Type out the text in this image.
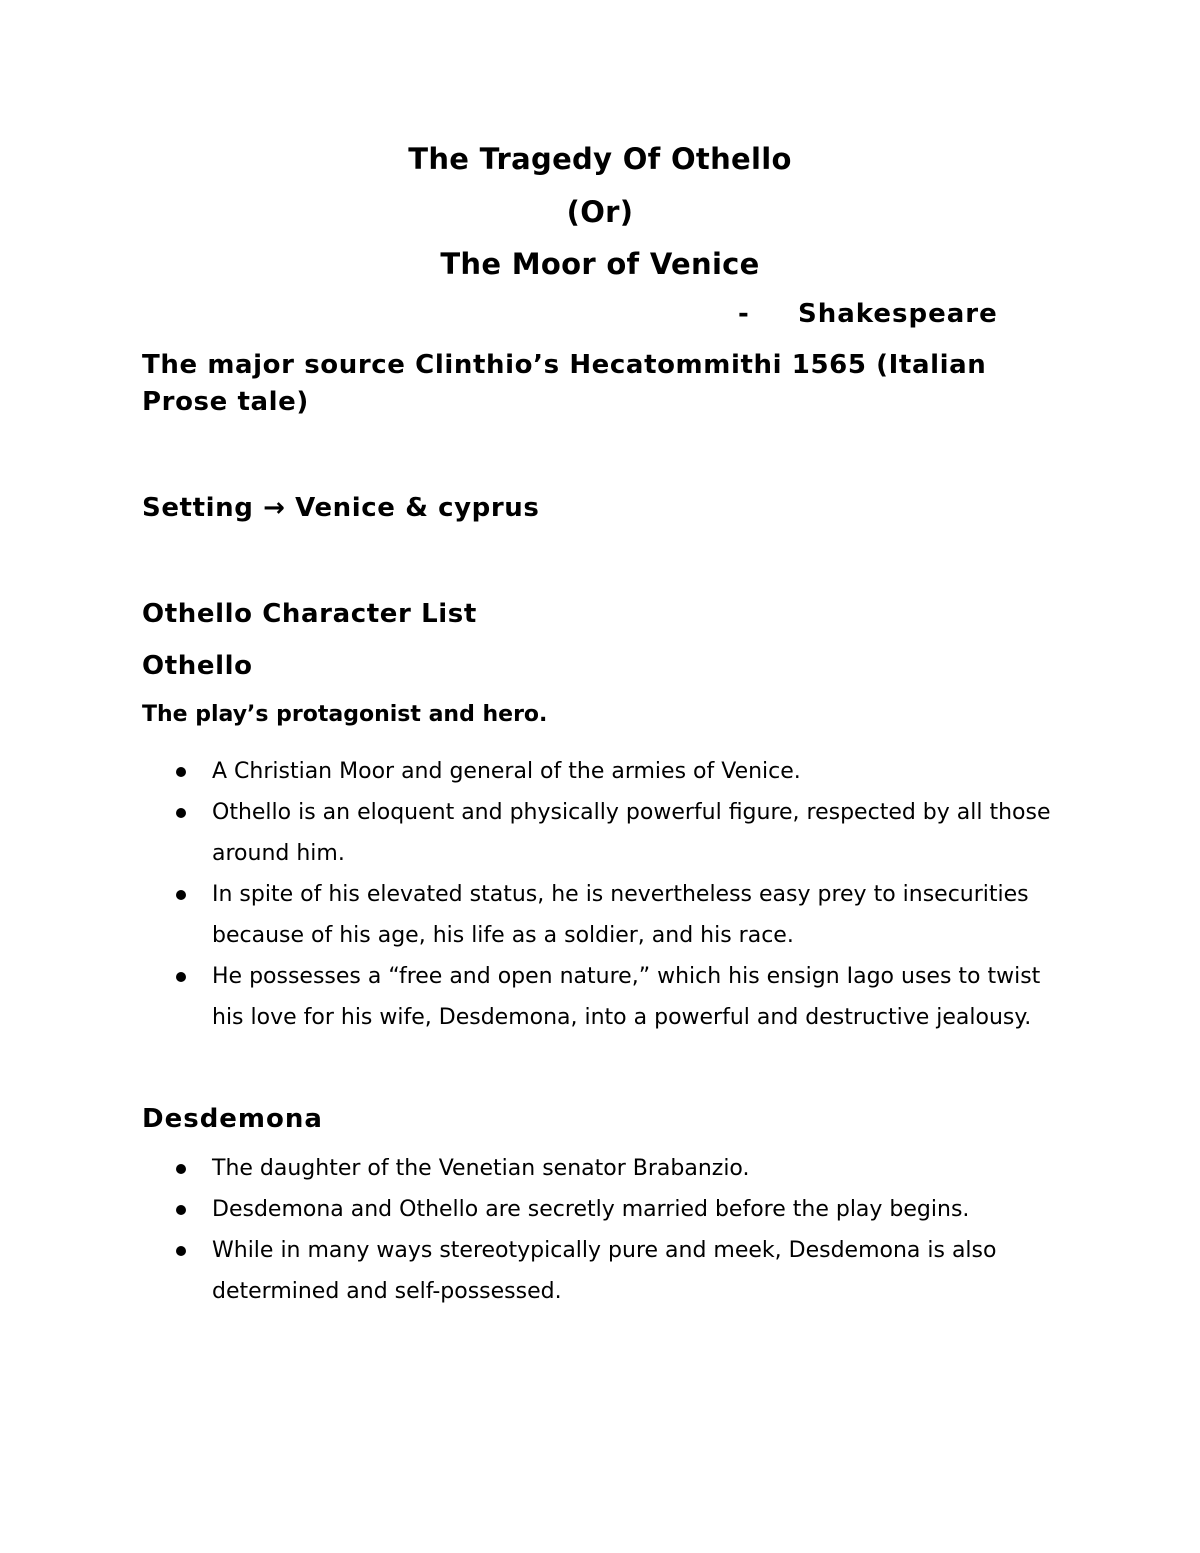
The Tragedy Of Othello
(Or)
The Moor of Venice
- Shakespeare
The major source Clinthio’s Hecatommithi 1565 (Italian Prose tale)
Setting → Venice & cyprus
Othello Character List
Othello
The play’s protagonist and hero.
A Christian Moor and general of the armies of Venice.
Othello is an eloquent and physically powerful figure, respected by all those around him.
In spite of his elevated status, he is nevertheless easy prey to insecurities because of his age, his life as a soldier, and his race.
He possesses a “free and open nature,” which his ensign Iago uses to twist his love for his wife, Desdemona, into a powerful and destructive jealousy.
Desdemona
The daughter of the Venetian senator Brabanzio.
Desdemona and Othello are secretly married before the play begins.
While in many ways stereotypically pure and meek, Desdemona is also determined and self-possessed.
